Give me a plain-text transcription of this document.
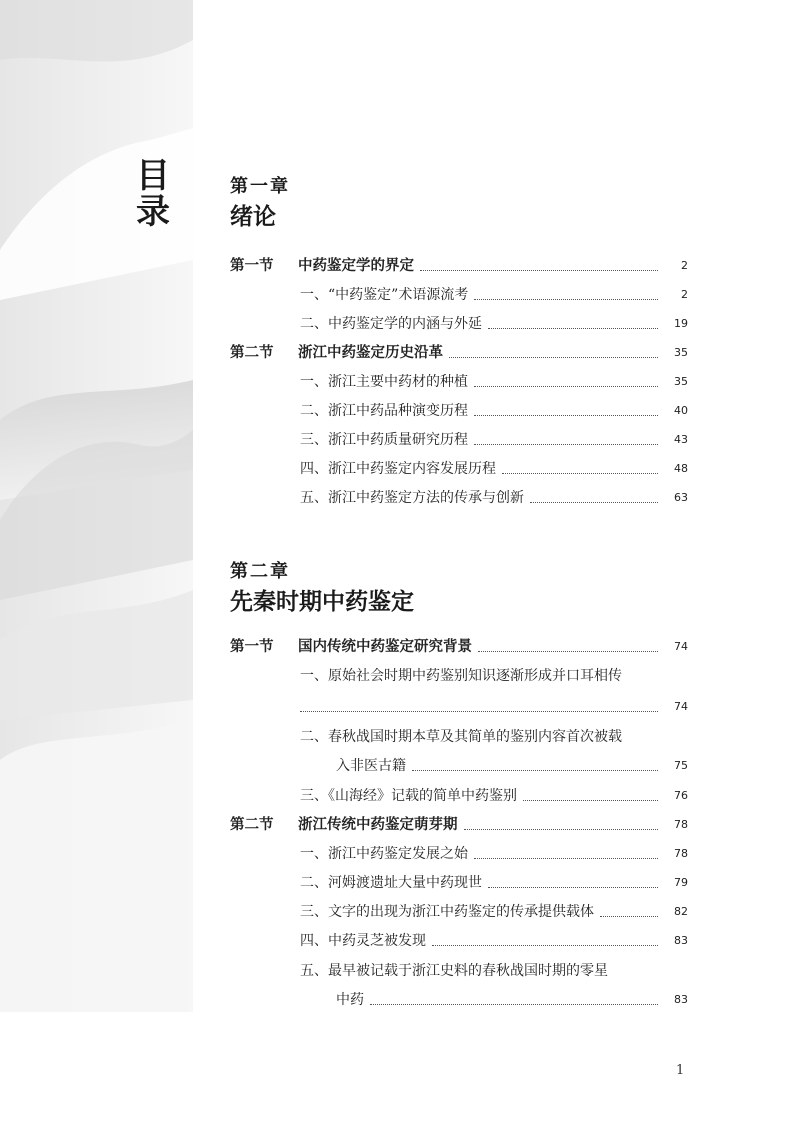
目
录
第一章
绪论
第一节 中药鉴定学的界定	2
一、“中药鉴定”术语源流考	2
二、中药鉴定学的内涵与外延	19
第二节 浙江中药鉴定历史沿革	35
一、浙江主要中药材的种植	35
二、浙江中药品种演变历程	40
三、浙江中药质量研究历程	43
四、浙江中药鉴定内容发展历程	48
五、浙江中药鉴定方法的传承与创新	63
第二章
先秦时期中药鉴定
第一节 国内传统中药鉴定研究背景	74
一、原始社会时期中药鉴别知识逐渐形成并口耳相传
74
二、春秋战国时期本草及其简单的鉴别内容首次被载
入非医古籍	75
三、《山海经》记载的简单中药鉴别	76
第二节 浙江传统中药鉴定萌芽期	78
一、浙江中药鉴定发展之始	78
二、河姆渡遗址大量中药现世	79
三、文字的出现为浙江中药鉴定的传承提供载体	82
四、中药灵芝被发现	83
五、最早被记载于浙江史料的春秋战国时期的零星
中药	83
1
